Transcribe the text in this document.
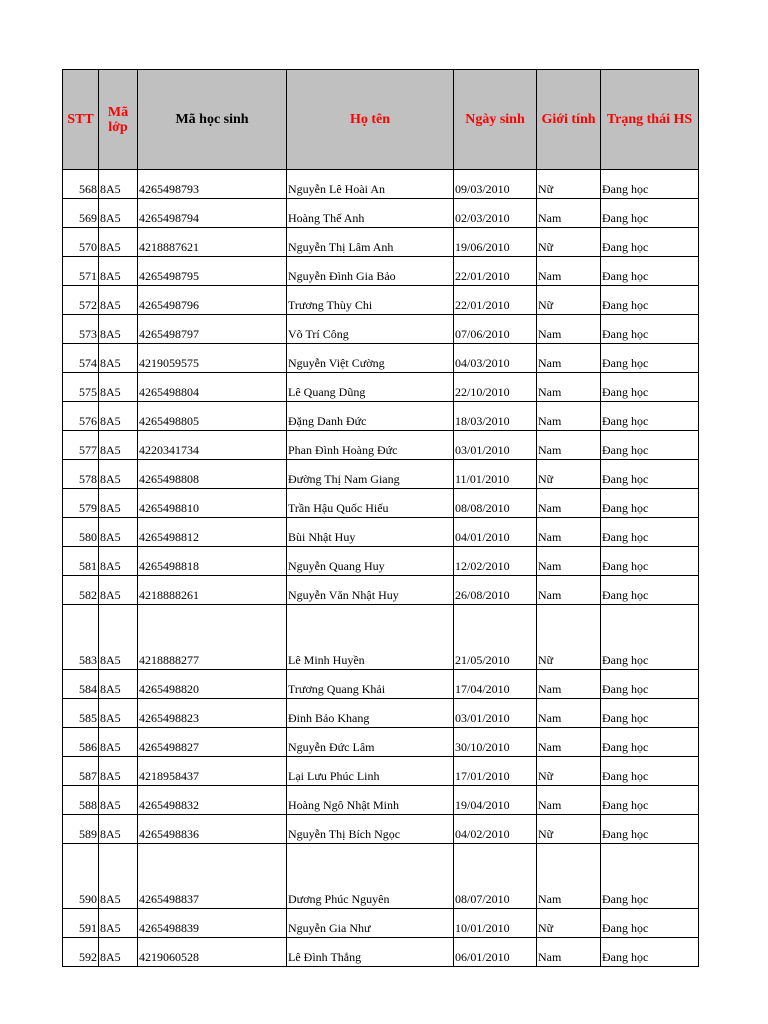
STT	Mã lớp	Mã học sinh	Họ tên	Ngày sinh	Giới tính	Trạng thái HS
568	8A5	4265498793	Nguyễn Lê Hoài An	09/03/2010	Nữ	Đang học
569	8A5	4265498794	Hoàng Thế Anh	02/03/2010	Nam	Đang học
570	8A5	4218887621	Nguyễn Thị Lâm Anh	19/06/2010	Nữ	Đang học
571	8A5	4265498795	Nguyễn Đình Gia Bảo	22/01/2010	Nam	Đang học
572	8A5	4265498796	Trương Thùy Chi	22/01/2010	Nữ	Đang học
573	8A5	4265498797	Võ Trí Công	07/06/2010	Nam	Đang học
574	8A5	4219059575	Nguyễn Việt Cường	04/03/2010	Nam	Đang học
575	8A5	4265498804	Lê Quang Dũng	22/10/2010	Nam	Đang học
576	8A5	4265498805	Đặng Danh Đức	18/03/2010	Nam	Đang học
577	8A5	4220341734	Phan Đình Hoàng Đức	03/01/2010	Nam	Đang học
578	8A5	4265498808	Đường Thị Nam Giang	11/01/2010	Nữ	Đang học
579	8A5	4265498810	Trần Hậu Quốc Hiếu	08/08/2010	Nam	Đang học
580	8A5	4265498812	Bùi Nhật Huy	04/01/2010	Nam	Đang học
581	8A5	4265498818	Nguyễn Quang Huy	12/02/2010	Nam	Đang học
582	8A5	4218888261	Nguyễn Văn Nhật Huy	26/08/2010	Nam	Đang học
583	8A5	4218888277	Lê Minh Huyền	21/05/2010	Nữ	Đang học
584	8A5	4265498820	Trương Quang Khải	17/04/2010	Nam	Đang học
585	8A5	4265498823	Đinh Bảo Khang	03/01/2010	Nam	Đang học
586	8A5	4265498827	Nguyễn Đức Lâm	30/10/2010	Nam	Đang học
587	8A5	4218958437	Lại Lưu Phúc Linh	17/01/2010	Nữ	Đang học
588	8A5	4265498832	Hoàng Ngô Nhật Minh	19/04/2010	Nam	Đang học
589	8A5	4265498836	Nguyễn Thị Bích Ngọc	04/02/2010	Nữ	Đang học
590	8A5	4265498837	Dương Phúc Nguyên	08/07/2010	Nam	Đang học
591	8A5	4265498839	Nguyễn Gia Như	10/01/2010	Nữ	Đang học
592	8A5	4219060528	Lê Đình Thắng	06/01/2010	Nam	Đang học
